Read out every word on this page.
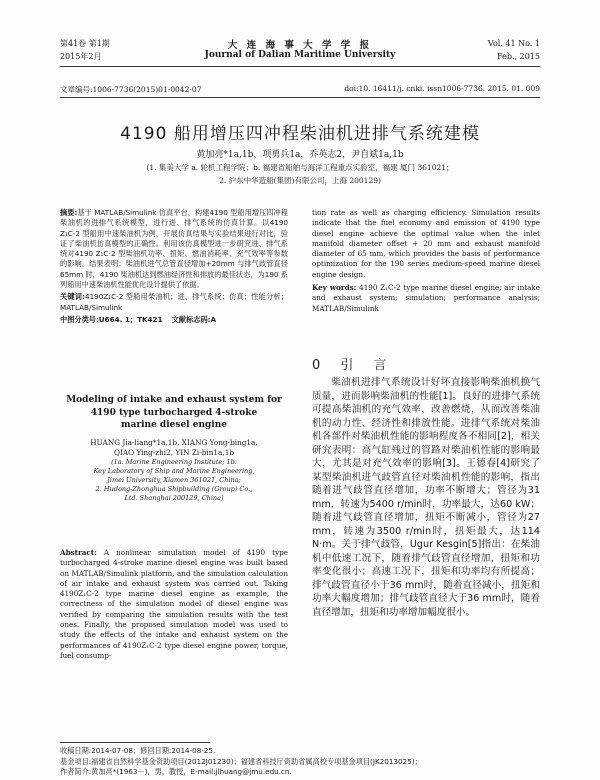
第41卷 第1期
2015年2月
大 连 海 事 大 学 学 报
Journal of Dalian Maritime University
Vol. 41 No. 1
Feb., 2015
文章编号:1006-7736(2015)01-0042-07	doi:10. 16411/j. cnki. issn1006-7736. 2015. 01. 009
4190 船用增压四冲程柴油机进排气系统建模
黄加亮*1a,1b，项勇兵1a，乔英志2，尹自斌1a,1b
(1. 集美大学 a. 轮机工程学院；b. 福建省船舶与海洋工程重点实验室，福建 厦门 361021；
2. 沪东中华造船(集团)有限公司，上海 200129)

摘要:基于 MATLAB/Simulink 仿真平台，构建4190 型船用增压四冲程柴油机的进排气系统模型，进行进、排气系统的仿真计算。以4190 Z₁C-2 型船用中速柴油机为例，开展仿真结果与实验结果进行对比，验证了柴油机仿真模型的正确性。利用该仿真模型进一步研究进、排气系统对4190 Z₁C-2 型柴油机功率、扭矩、燃油消耗率、充气效率等参数的影响。结果表明：柴油机进气总管直径增加+20mm 与排气歧管直径65mm 时，4190 柴油机达到燃油经济性和排放的最佳状态，为190 系列船用中速柴油机性能优化设计提供了依据。

关键词:4190Z₁C-2 型船用柴油机；进、排气系统；仿真；性能分析；MATLAB/Simulink

中图分类号:U664. 1；TK421 文献标志码:A

Modeling of intake and exhaust system for
4190 type turbocharged 4-stroke
marine diesel engine
HUANG Jia-liang*1a,1b, XIANG Yong-bing1a,
QIAO Ying-zhi2, YIN Zi-bin1a,1b
(1a. Marine Engineering Institute; 1b.
Key Laboratory of Ship and Marine Engineering,
Jimei University, Xiamen 361021, China;
2. Hudong-Zhonghua Shipbuilding (Group) Co.,
Ltd. Shanghai 200129, China)

Abstract: A nonlinear simulation model of 4190 type turbocharged 4-stroke marine diesel engine was built based on MATLAB/Simulink platform, and the simulation calculation of air intake and exhaust system was carried out. Taking 4190Z₁C-2 type marine diesel engine as example, the correctness of the simulation model of diesel engine was verified by comparing the simulation results with the test ones. Finally, the proposed simulation model was used to study the effects of the intake and exhaust system on the performances of 4190Z₁C-2 type diesel engine power, torque, fuel consump-

tion rate as well as charging efficiency. Simulation results indicate that the fuel economy and emission of 4190 type diesel engine achieve the optimal value when the inlet manifold diameter offset + 20 mm and exhaust manifold diameter of 65 mm, which provides the basis of performance optimization for the 190 series medium-speed marine diesel engine design.

Key words: 4190 Z₁C-2 type marine diesel engine; air intake and exhaust system; simulation; performance analysis; MATLAB/Simulink

0 引 言

柴油机进排气系统设计好坏直接影响柴油机换气质量，进而影响柴油机的性能[1]。良好的进排气系统可提高柴油机的充气效率，改善燃烧，从而改善柴油机的动力性、经济性和排放性能。进排气系统对柴油机各部件对柴油机性能的影响程度各不相同[2]，相关研究表明：高气缸残过的管路对柴油机性能的影响最大，尤其是对充气效率的影响[3]。王德春[4]研究了某型柴油机进气歧管直径对柴油机性能的影响，指出随着进气歧管直径增加，功率不断增大；管径为31 mm，转速为5400 r/min时，功率最大，达60 kW；随着进气歧管直径增加，扭矩不断减小，管径为27 mm，转速为3500 r/min时，扭矩最大，达114 N·m。关于排气歧管，Ugur Kesgin[5]指出：在柴油机中低速工况下，随着排气歧管直径增加，扭矩和功率变化很小；高速工况下，扭矩和功率均有所提高；排气歧管直径小于36 mm时，随着直径减小，扭矩和功率大幅度增加；排气歧管直径大于36 mm时，随着直径增加，扭矩和功率增加幅度很小。

收稿日期:2014-07-08；修回日期:2014-08-25.
基金项目:福建省自然科学基金资助项目(2012J01230)；福建省科技厅资助省属高校专项基金项目(JK2013025)；
作者简介:黄加亮*(1963－)，男，教授，E-mail:jlhuang@jmu.edu.cn.
